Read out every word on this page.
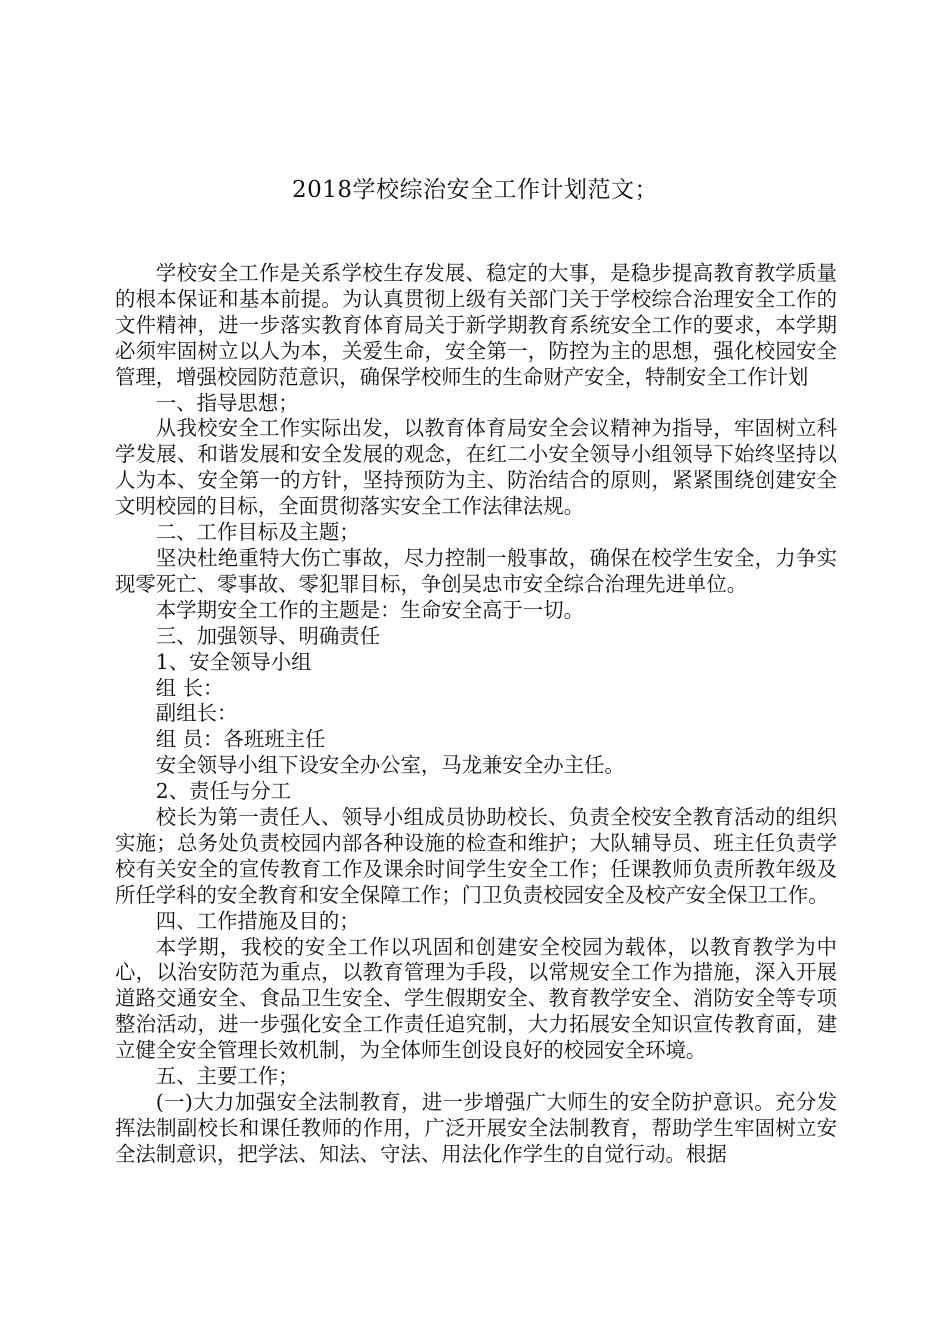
2018学校综治安全工作计划范文；

学校安全工作是关系学校生存发展、稳定的大事，是稳步提高教育教学质量的根本保证和基本前提。为认真贯彻上级有关部门关于学校综合治理安全工作的文件精神，进一步落实教育体育局关于新学期教育系统安全工作的要求，本学期必须牢固树立以人为本，关爱生命，安全第一，防控为主的思想，强化校园安全管理，增强校园防范意识，确保学校师生的生命财产安全，特制安全工作计划

一、指导思想；

从我校安全工作实际出发，以教育体育局安全会议精神为指导，牢固树立科学发展、和谐发展和安全发展的观念，在红二小安全领导小组领导下始终坚持以人为本、安全第一的方针，坚持预防为主、防治结合的原则，紧紧围绕创建安全文明校园的目标，全面贯彻落实安全工作法律法规。

二、工作目标及主题；

坚决杜绝重特大伤亡事故，尽力控制一般事故，确保在校学生安全，力争实现零死亡、零事故、零犯罪目标，争创吴忠市安全综合治理先进单位。

本学期安全工作的主题是：生命安全高于一切。

三、加强领导、明确责任

1、安全领导小组

组 长：

副组长：

组 员：各班班主任

安全领导小组下设安全办公室，马龙兼安全办主任。

2、责任与分工

校长为第一责任人、领导小组成员协助校长、负责全校安全教育活动的组织实施；总务处负责校园内部各种设施的检查和维护；大队辅导员、班主任负责学校有关安全的宣传教育工作及课余时间学生安全工作；任课教师负责所教年级及所任学科的安全教育和安全保障工作；门卫负责校园安全及校产安全保卫工作。

四、工作措施及目的；

本学期，我校的安全工作以巩固和创建安全校园为载体，以教育教学为中心，以治安防范为重点，以教育管理为手段，以常规安全工作为措施，深入开展道路交通安全、食品卫生安全、学生假期安全、教育教学安全、消防安全等专项整治活动，进一步强化安全工作责任追究制，大力拓展安全知识宣传教育面，建立健全安全管理长效机制，为全体师生创设良好的校园安全环境。

五、主要工作；

(一)大力加强安全法制教育，进一步增强广大师生的安全防护意识。充分发挥法制副校长和课任教师的作用，广泛开展安全法制教育，帮助学生牢固树立安全法制意识，把学法、知法、守法、用法化作学生的自觉行动。根据
